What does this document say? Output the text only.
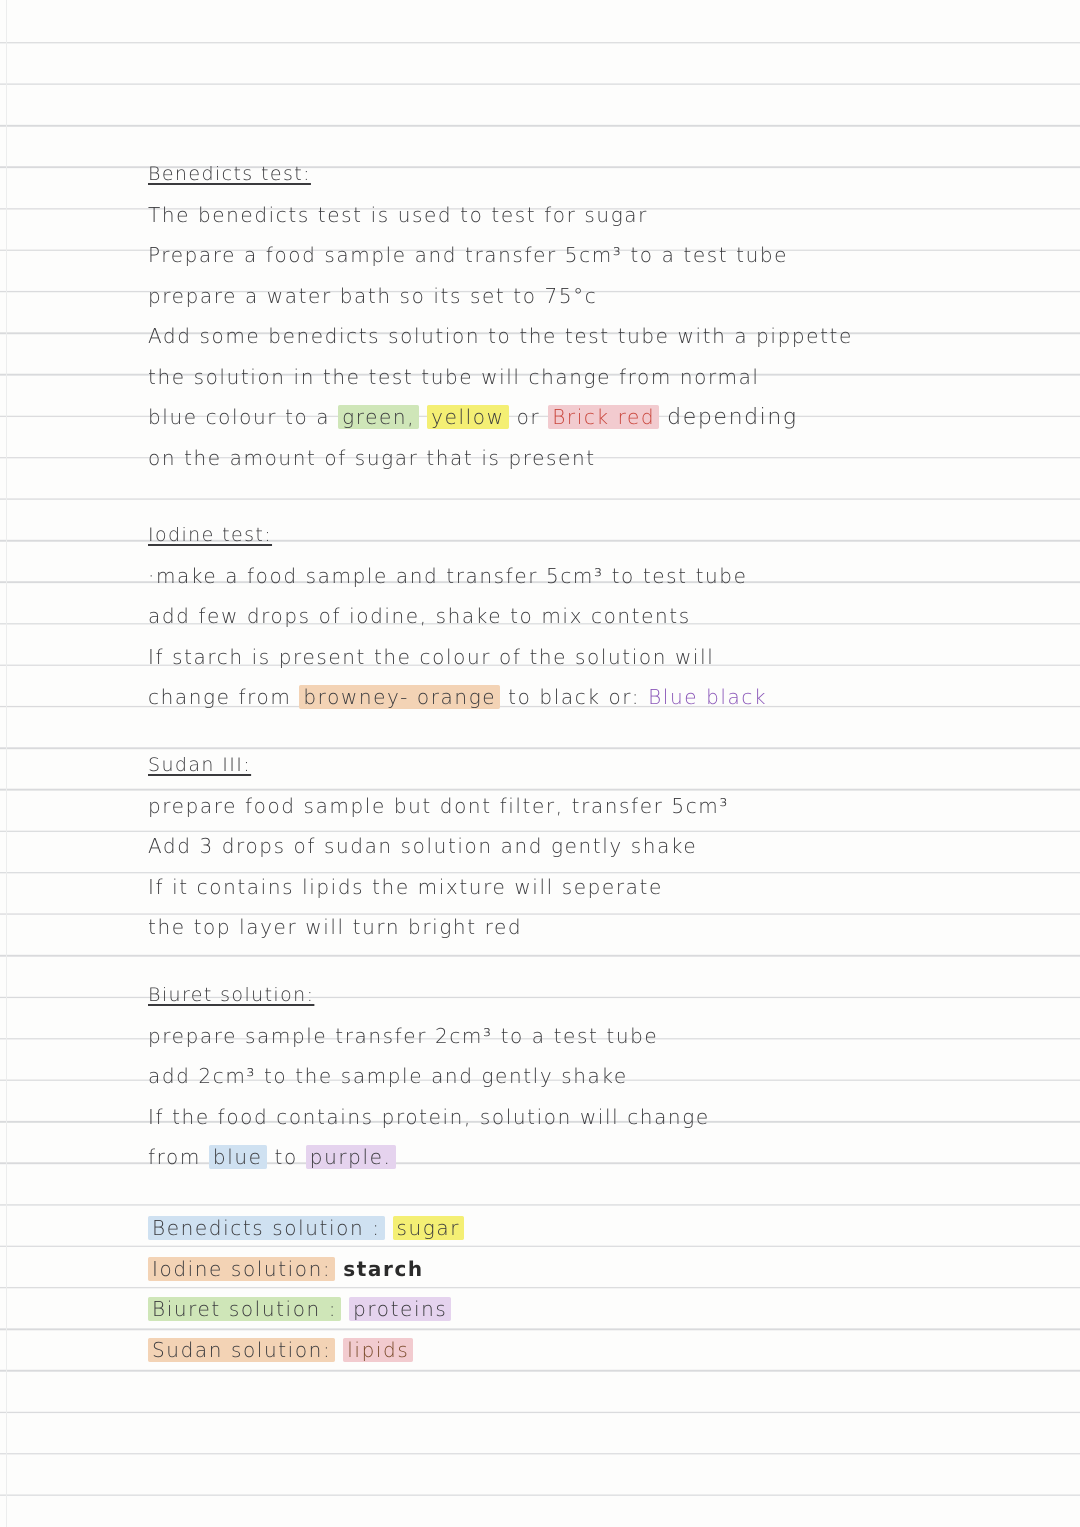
Benedicts test:
The benedicts test is used to test for sugar
Prepare a food sample and transfer 5cm³ to a test tube
prepare a water bath so its set to 75°c
Add some benedicts solution to the test tube with a pippette
the solution in the test tube will change from normal
blue colour to a green, yellow or Brick red depending
on the amount of sugar that is present
Iodine test:
·make a food sample and transfer 5cm³ to test tube
add few drops of iodine, shake to mix contents
If starch is present the colour of the solution will
change from browney- orange to black or: Blue black
Sudan III:
prepare food sample but dont filter, transfer 5cm³
Add 3 drops of sudan solution and gently shake
If it contains lipids the mixture will seperate
the top layer will turn bright red
Biuret solution:
prepare sample transfer 2cm³ to a test tube
add 2cm³ to the sample and gently shake
If the food contains protein, solution will change
from blue to purple.
Benedicts solution : sugar
Iodine solution: starch
Biuret solution : proteins
Sudan solution: lipids
